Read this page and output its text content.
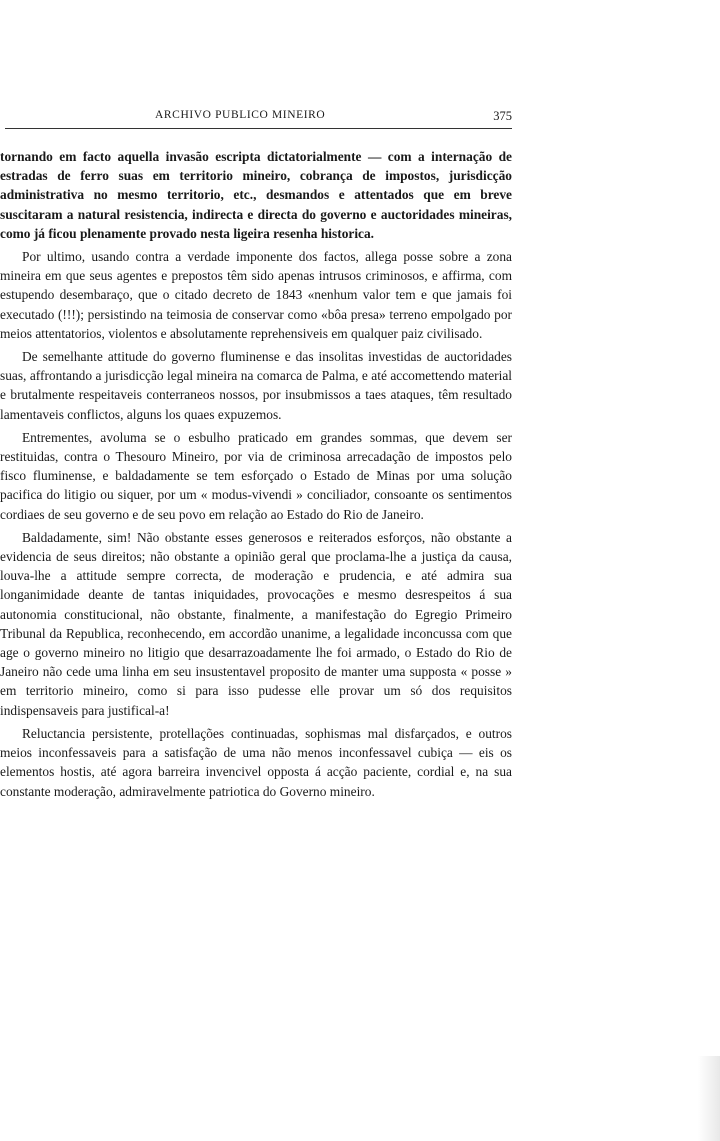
ARCHIVO PUBLICO MINEIRO	375

tornando em facto aquella invasão escripta dictatorialmente — com a internação de estradas de ferro suas em territorio mineiro, cobrança de impostos, jurisdicção administrativa no mesmo territorio, etc., desmandos e attentados que em breve suscitaram a natural resistencia, indirecta e directa do governo e auctoridades mineiras, como já ficou plenamente provado nesta ligeira resenha historica.

Por ultimo, usando contra a verdade imponente dos factos, allega posse sobre a zona mineira em que seus agentes e prepostos têm sido apenas intrusos criminosos, e affirma, com estupendo desembaraço, que o citado decreto de 1843 «nenhum valor tem e que jamais foi executado (!!!); persistindo na teimosia de conservar como «bôa presa» terreno empolgado por meios attentatorios, violentos e absolutamente reprehensiveis em qualquer paiz civilisado.

De semelhante attitude do governo fluminense e das insolitas investidas de auctoridades suas, affrontando a jurisdicção legal mineira na comarca de Palma, e até accomettendo material e brutalmente respeitaveis conterraneos nossos, por insubmissos a taes ataques, têm resultado lamentaveis conflictos, alguns los quaes expuzemos.

Entrementes, avoluma se o esbulho praticado em grandes sommas, que devem ser restituidas, contra o Thesouro Mineiro, por via de criminosa arrecadação de impostos pelo fisco fluminense, e baldadamente se tem esforçado o Estado de Minas por uma solução pacifica do litigio ou siquer, por um « modus-vivendi » conciliador, consoante os sentimentos cordiaes de seu governo e de seu povo em relação ao Estado do Rio de Janeiro.

Baldadamente, sim! Não obstante esses generosos e reiterados esforços, não obstante a evidencia de seus direitos; não obstante a opinião geral que proclama-lhe a justiça da causa, louva-lhe a attitude sempre correcta, de moderação e prudencia, e até admira sua longanimidade deante de tantas iniquidades, provocações e mesmo desrespeitos á sua autonomia constitucional, não obstante, finalmente, a manifestação do Egregio Primeiro Tribunal da Republica, reconhecendo, em accordão unanime, a legalidade inconcussa com que age o governo mineiro no litigio que desarrazoadamente lhe foi armado, o Estado do Rio de Janeiro não cede uma linha em seu insustentavel proposito de manter uma supposta « posse » em territorio mineiro, como si para isso pudesse elle provar um só dos requisitos indispensaveis para justifical-a!

Reluctancia persistente, protellações continuadas, sophismas mal disfarçados, e outros meios inconfessaveis para a satisfação de uma não menos inconfessavel cubiça — eis os elementos hostis, até agora barreira invencivel opposta á acção paciente, cordial e, na sua constante moderação, admiravelmente patriotica do Governo mineiro.
